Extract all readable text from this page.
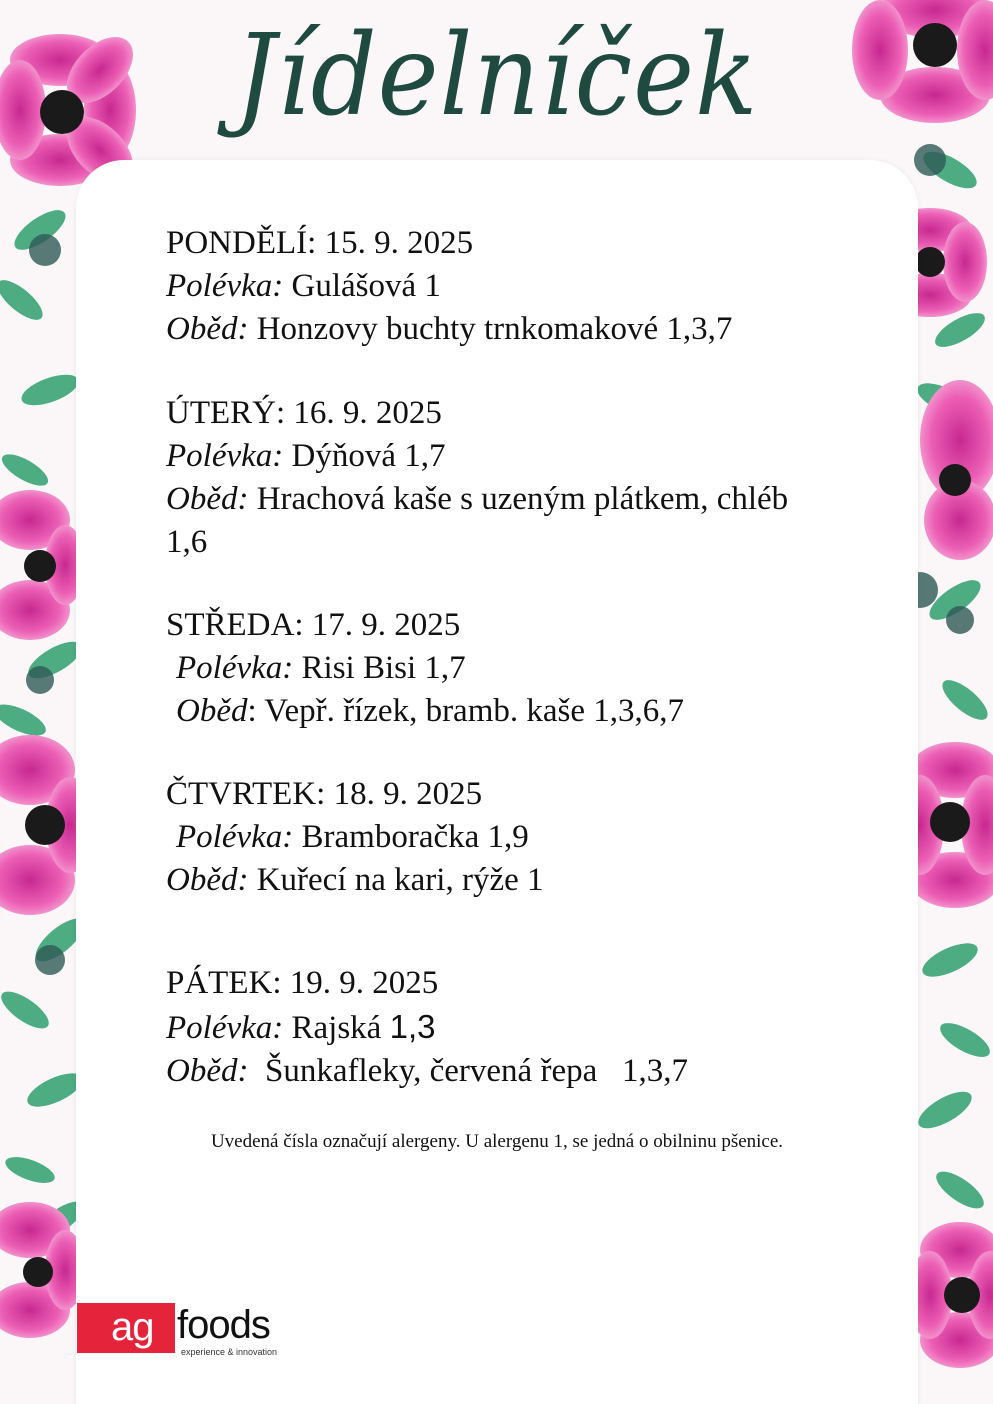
Jídelníček
PONDĚLÍ: 15. 9. 2025
Polévka: Gulášová 1
Oběd: Honzovy buchty trnkomakové 1,3,7
ÚTERÝ: 16. 9. 2025
Polévka: Dýňová 1,7
Oběd: Hrachová kaše s uzeným plátkem, chléb
1,6
STŘEDA: 17. 9. 2025
Polévka: Risi Bisi 1,7
Oběd: Vepř. řízek, bramb. kaše 1,3,6,7
ČTVRTEK: 18. 9. 2025
Polévka: Bramboračka 1,9
Oběd: Kuřecí na kari, rýže 1
PÁTEK: 19. 9. 2025
Polévka: Rajská 1,3
Oběd: Šunkafleky, červená řepa 1,3,7
Uvedená čísla označují alergeny. U alergenu 1, se jedná o obilninu pšenice.
ag foods
experience & innovation
